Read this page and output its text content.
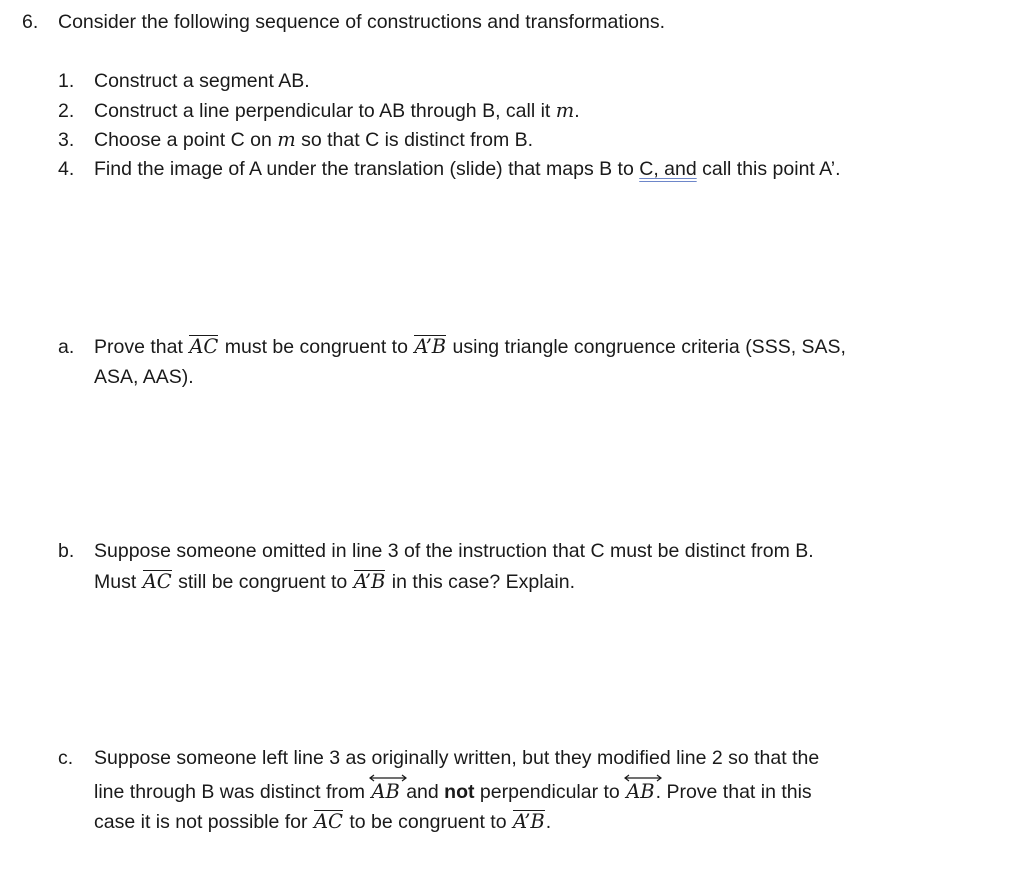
6. Consider the following sequence of constructions and transformations.
1. Construct a segment AB.
2. Construct a line perpendicular to AB through B, call it m.
3. Choose a point C on m so that C is distinct from B.
4. Find the image of A under the translation (slide) that maps B to C, and call this point A’.
a. Prove that AC must be congruent to A’B using triangle congruence criteria (SSS, SAS,
ASA, AAS).
b. Suppose someone omitted in line 3 of the instruction that C must be distinct from B.
Must AC still be congruent to A’B in this case? Explain.
c. Suppose someone left line 3 as originally written, but they modified line 2 so that the
line through B was distinct from
AB and not perpendicular to
AB. Prove that in this
case it is not possible for AC to be congruent to A’B.
